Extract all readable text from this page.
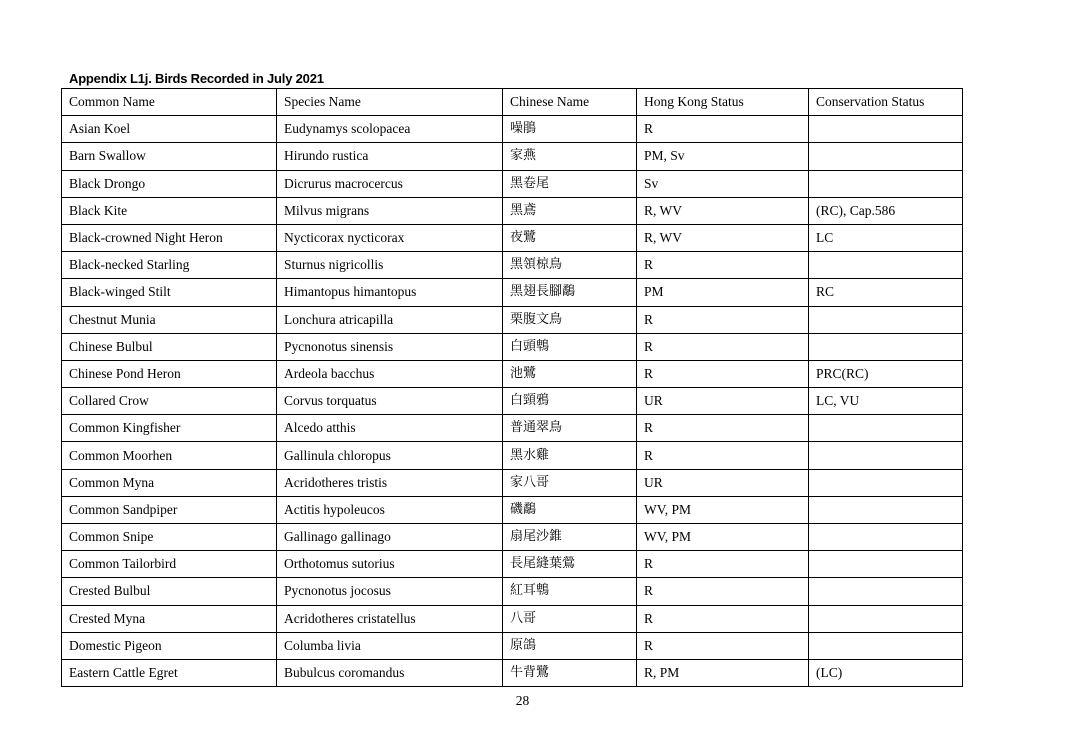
Appendix L1j. Birds Recorded in July 2021
Common Name	Species Name	Chinese Name	Hong Kong Status	Conservation Status
Asian Koel	Eudynamys scolopacea	噪鵑	R	
Barn Swallow	Hirundo rustica	家燕	PM, Sv	
Black Drongo	Dicrurus macrocercus	黑卷尾	Sv	
Black Kite	Milvus migrans	黑鳶	R, WV	(RC), Cap.586
Black-crowned Night Heron	Nycticorax nycticorax	夜鷺	R, WV	LC
Black-necked Starling	Sturnus nigricollis	黑領椋鳥	R	
Black-winged Stilt	Himantopus himantopus	黑翅長腳鷸	PM	RC
Chestnut Munia	Lonchura atricapilla	栗腹文鳥	R	
Chinese Bulbul	Pycnonotus sinensis	白頭鵯	R	
Chinese Pond Heron	Ardeola bacchus	池鷺	R	PRC(RC)
Collared Crow	Corvus torquatus	白頸鴉	UR	LC, VU
Common Kingfisher	Alcedo atthis	普通翠鳥	R	
Common Moorhen	Gallinula chloropus	黑水雞	R	
Common Myna	Acridotheres tristis	家八哥	UR	
Common Sandpiper	Actitis hypoleucos	磯鷸	WV, PM	
Common Snipe	Gallinago gallinago	扇尾沙錐	WV, PM	
Common Tailorbird	Orthotomus sutorius	長尾縫葉鶯	R	
Crested Bulbul	Pycnonotus jocosus	紅耳鵯	R	
Crested Myna	Acridotheres cristatellus	八哥	R	
Domestic Pigeon	Columba livia	原鴿	R	
Eastern Cattle Egret	Bubulcus coromandus	牛背鷺	R, PM	(LC)
28
